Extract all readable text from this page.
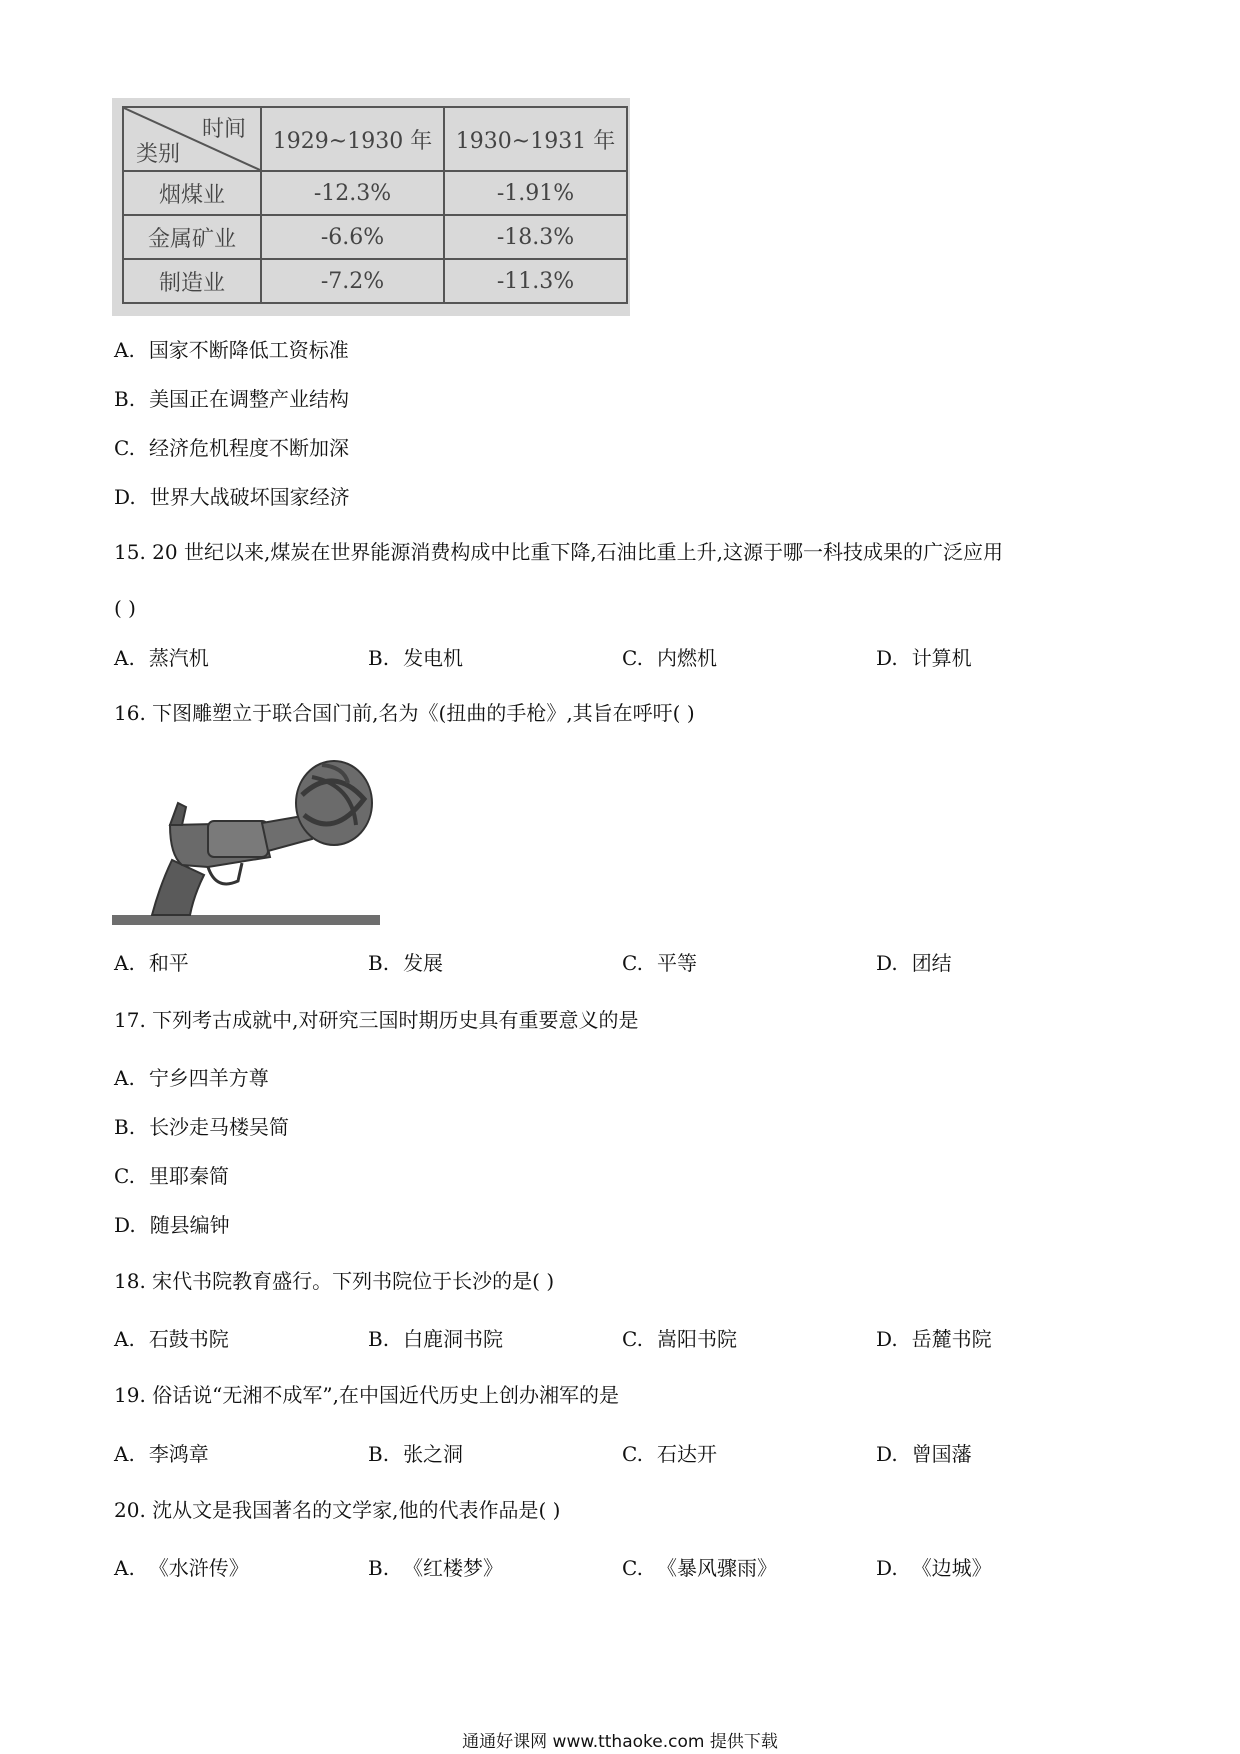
时间
类别	1929~1930 年	1930~1931 年
烟煤业	-12.3%	-1.91%
金属矿业	-6.6%	-18.3%
制造业	-7.2%	-11.3%
A. 国家不断降低工资标准
B. 美国正在调整产业结构
C. 经济危机程度不断加深
D. 世界大战破坏国家经济
15. 20 世纪以来,煤炭在世界能源消费构成中比重下降,石油比重上升,这源于哪一科技成果的广泛应用
( )
A. 蒸汽机	B. 发电机	C. 内燃机	D. 计算机
16. 下图雕塑立于联合国门前,名为《(扭曲的手枪》,其旨在呼吁( )
A. 和平	B. 发展	C. 平等	D. 团结
17. 下列考古成就中,对研究三国时期历史具有重要意义的是
A. 宁乡四羊方尊
B. 长沙走马楼吴简
C. 里耶秦简
D. 随县编钟
18. 宋代书院教育盛行。下列书院位于长沙的是( )
A. 石鼓书院	B. 白鹿洞书院	C. 嵩阳书院	D. 岳麓书院
19. 俗话说“无湘不成军”,在中国近代历史上创办湘军的是
A. 李鸿章	B. 张之洞	C. 石达开	D. 曾国藩
20. 沈从文是我国著名的文学家,他的代表作品是( )
A. 《水浒传》	B. 《红楼梦》	C. 《暴风骤雨》	D. 《边城》
通通好课网 www.tthaoke.com 提供下载
